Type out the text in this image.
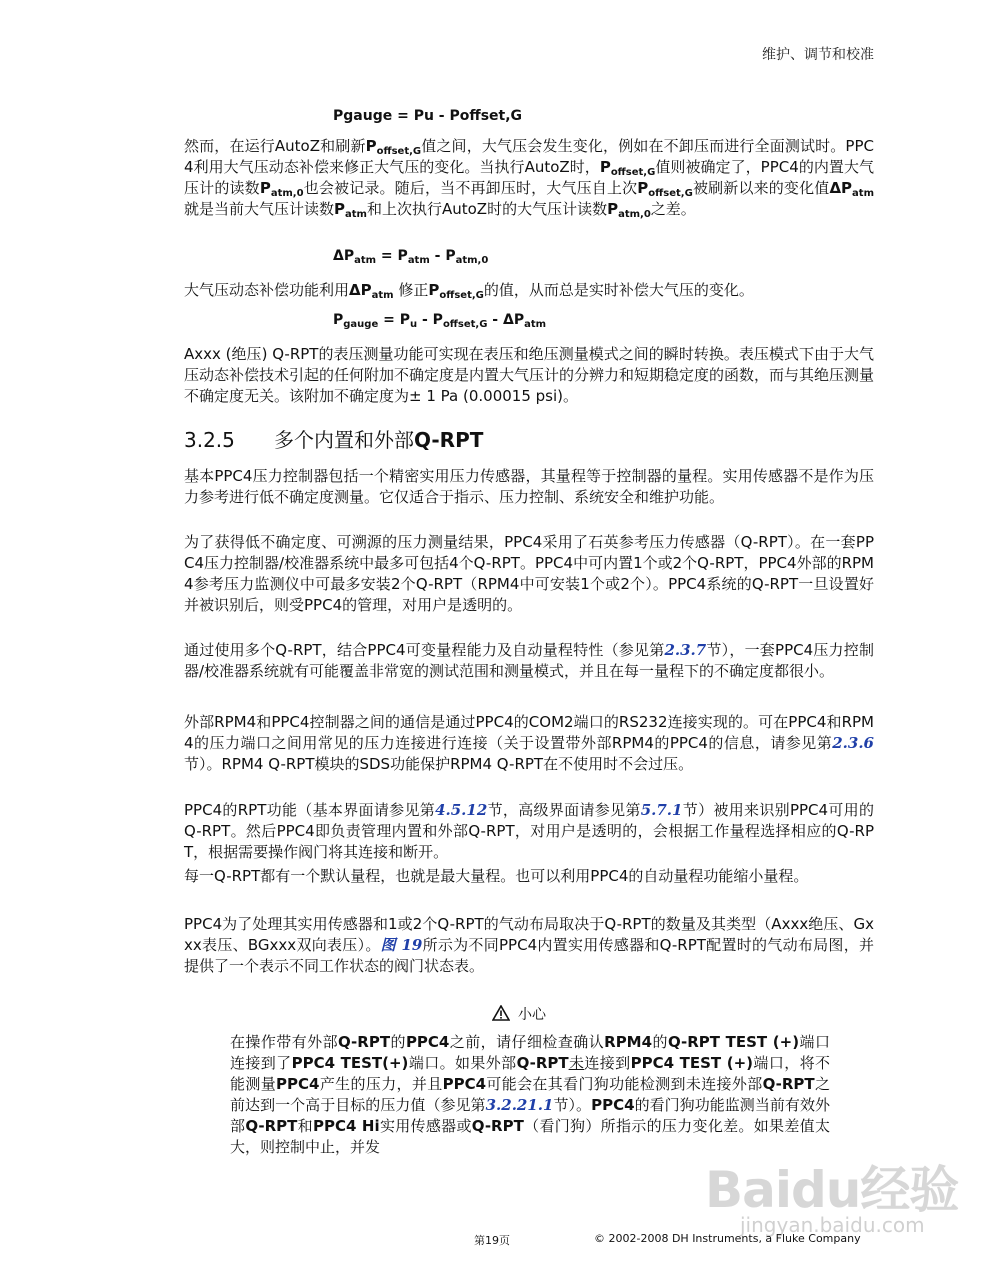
维护、调节和校准

Pgauge = Pu - Poffset,G

然而，在运行AutoZ和刷新$P_{offset,G}$值之间，大气压会发生变化，例如在不卸压而进行全面测试时。PPC4利用大气压动态补偿来修正大气压的变化。当执行AutoZ时，$P_{offset,G}$值则被确定了，PPC4的内置大气压计的读数$P_{atm,0}$也会被记录。随后，当不再卸压时，大气压自上次$P_{offset,G}$被刷新以来的变化值$\Delta P_{atm}$就是当前大气压计读数$P_{atm}$和上次执行AutoZ时的大气压计读数$P_{atm,0}$之差。

$\Delta P_{atm} = P_{atm} - P_{atm,0}$

大气压动态补偿功能利用$\Delta P_{atm}$ 修正$P_{offset,G}$的值，从而总是实时补偿大气压的变化。

$P_{gauge} = P_u - P_{offset,G} - \Delta P_{atm}$

Axxx (绝压) Q-RPT的表压测量功能可实现在表压和绝压测量模式之间的瞬时转换。表压模式下由于大气压动态补偿技术引起的任何附加不确定度是内置大气压计的分辨力和短期稳定度的函数，而与其绝压测量不确定度无关。该附加不确定度为± 1 Pa (0.00015 psi)。

3.2.5 多个内置和外部Q-RPT

基本PPC4压力控制器包括一个精密实用压力传感器，其量程等于控制器的量程。实用传感器不是作为压力参考进行低不确定度测量。它仅适合于指示、压力控制、系统安全和维护功能。

为了获得低不确定度、可溯源的压力测量结果，PPC4采用了石英参考压力传感器（Q-RPT）。在一套PPC4压力控制器/校准器系统中最多可包括4个Q-RPT。PPC4中可内置1个或2个Q-RPT，PPC4外部的RPM4参考压力监测仪中可最多安装2个Q-RPT（RPM4中可安装1个或2个）。PPC4系统的Q-RPT一旦设置好并被识别后，则受PPC4的管理，对用户是透明的。

通过使用多个Q-RPT，结合PPC4可变量程能力及自动量程特性（参见第2.3.7节），一套PPC4压力控制器/校准器系统就有可能覆盖非常宽的测试范围和测量模式，并且在每一量程下的不确定度都很小。

外部RPM4和PPC4控制器之间的通信是通过PPC4的COM2端口的RS232连接实现的。可在PPC4和RPM4的压力端口之间用常见的压力连接进行连接（关于设置带外部RPM4的PPC4的信息，请参见第2.3.6节）。RPM4 Q-RPT模块的SDS功能保护RPM4 Q-RPT在不使用时不会过压。

PPC4的RPT功能（基本界面请参见第4.5.12节，高级界面请参见第5.7.1节）被用来识别PPC4可用的Q-RPT。然后PPC4即负责管理内置和外部Q-RPT，对用户是透明的，会根据工作量程选择相应的Q-RPT，根据需要操作阀门将其连接和断开。

每一Q-RPT都有一个默认量程，也就是最大量程。也可以利用PPC4的自动量程功能缩小量程。

PPC4为了处理其实用传感器和1或2个Q-RPT的气动布局取决于Q-RPT的数量及其类型（Axxx绝压、Gxxx表压、BGxxx双向表压）。图 19所示为不同PPC4内置实用传感器和Q-RPT配置时的气动布局图，并提供了一个表示不同工作状态的阀门状态表。

小心

在操作带有外部Q-RPT的PPC4之前，请仔细检查确认RPM4的Q-RPT TEST (+)端口连接到了PPC4 TEST(+)端口。如果外部Q-RPT未连接到PPC4 TEST (+)端口，将不能测量PPC4产生的压力，并且PPC4可能会在其看门狗功能检测到未连接外部Q-RPT之前达到一个高于目标的压力值（参见第3.2.21.1节）。PPC4的看门狗功能监测当前有效外部Q-RPT和PPC4 Hi实用传感器或Q-RPT（看门狗）所指示的压力变化差。如果差值太大，则控制中止，并发

Baidu经验
jingyan.baidu.com
第19页	© 2002-2008 DH Instruments, a Fluke Company
